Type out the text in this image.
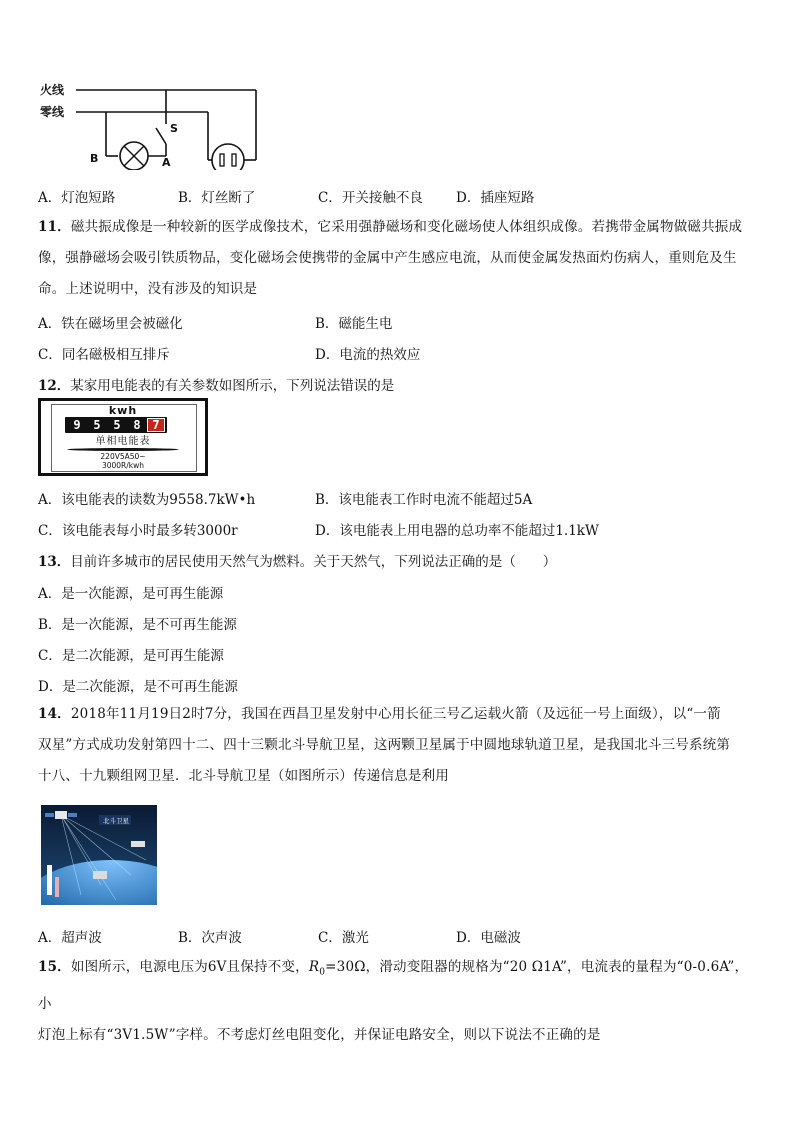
火线
零线
B	A
S
A．灯泡短路	B．灯丝断了	C．开关接触不良 D．插座短路
11．磁共振成像是一种较新的医学成像技术，它采用强静磁场和变化磁场使人体组织成像。若携带金属物做磁共振成
像，强静磁场会吸引铁质物品，变化磁场会使携带的金属中产生感应电流，从而使金属发热面灼伤病人，重则危及生
命。上述说明中，没有涉及的知识是
A．铁在磁场里会被磁化	B．磁能生电
C．同名磁极相互排斥	D．电流的热效应
12．某家用电能表的有关参数如图所示，下列说法错误的是
kwh
9	5	5	8 7
单相电能表
220V5A50~
3000R/kwh
A．该电能表的读数为9558.7kW•h	B．该电能表工作时电流不能超过5A
C．该电能表每小时最多转3000r	D．该电能表上用电器的总功率不能超过1.1kW
13．目前许多城市的居民使用天然气为燃料。关于天然气，下列说法正确的是（　　）
A．是一次能源，是可再生能源
B．是一次能源，是不可再生能源
C．是二次能源，是可再生能源
D．是二次能源，是不可再生能源
14．2018年11月19日2时7分，我国在西昌卫星发射中心用长征三号乙运载火箭（及远征一号上面级），以“一箭
双星”方式成功发射第四十二、四十三颗北斗导航卫星，这两颗卫星属于中圆地球轨道卫星，是我国北斗三号系统第
十八、十九颗组网卫星．北斗导航卫星（如图所示）传递信息是利用
北斗卫星
A．超声波	B．次声波	C．激光	D．电磁波
15．如图所示，电源电压为6V且保持不变，$R_0=30\Omega$，滑动变阻器的规格为“20 Ω1A”，电流表的量程为“0-0.6A”，小
灯泡上标有“3V1.5W”字样。不考虑灯丝电阻变化，并保证电路安全，则以下说法不正确的是
